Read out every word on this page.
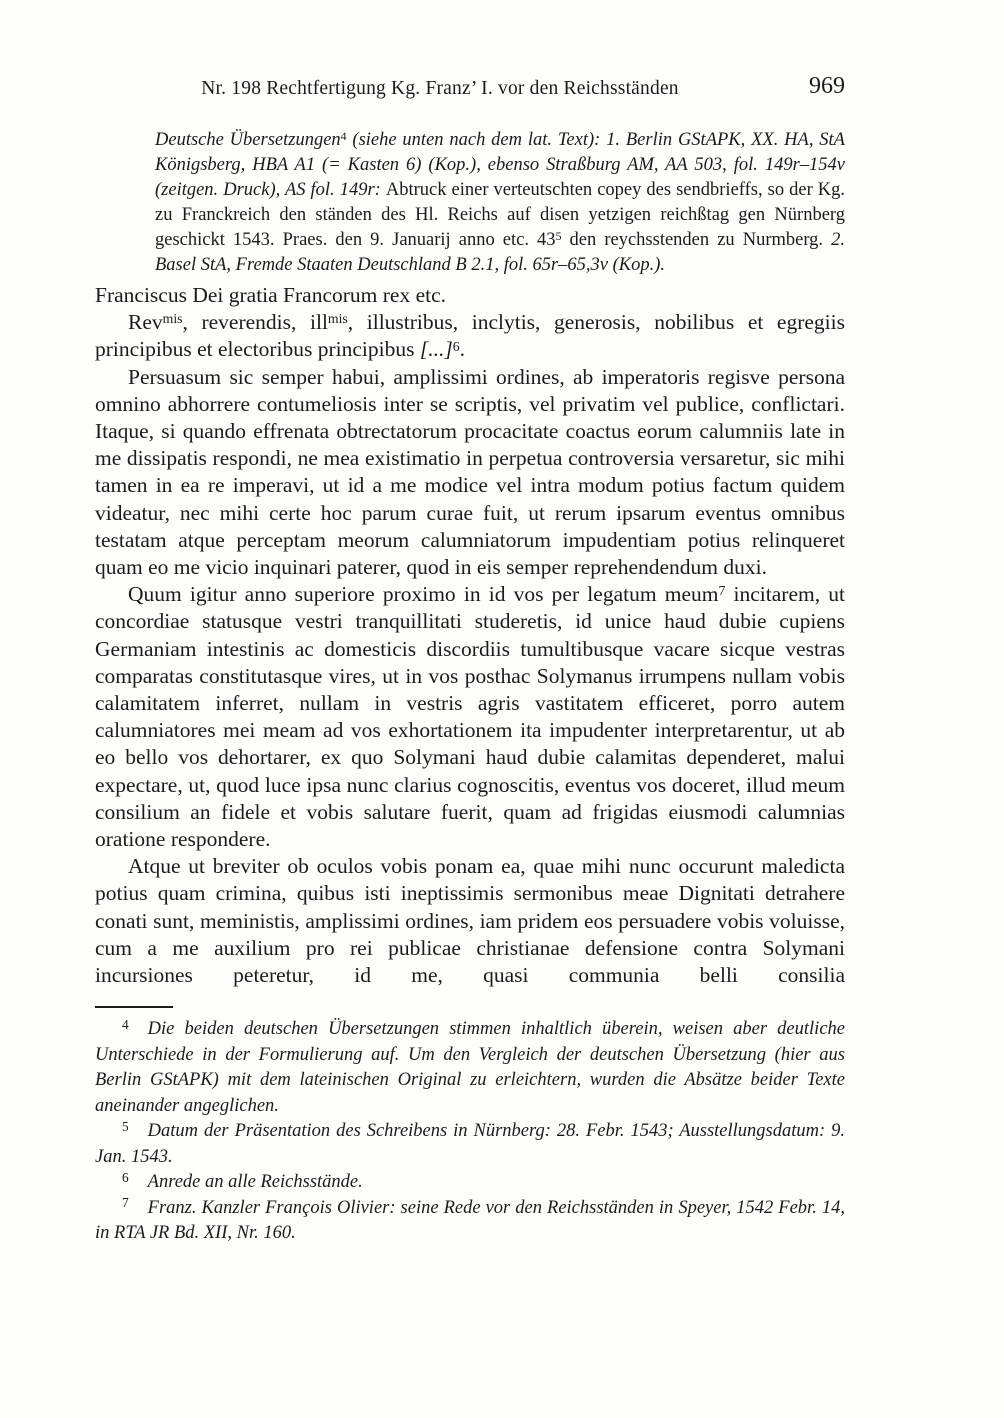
Nr. 198 Rechtfertigung Kg. Franz’ I. vor den Reichsständen	969
Deutsche Übersetzungen$^4$ (siehe unten nach dem lat. Text): 1. Berlin GStAPK, XX. HA, StA Königsberg, HBA A1 (= Kasten 6) (Kop.), ebenso Straßburg AM, AA 503, fol. 149r–154v (zeitgen. Druck), AS fol. 149r: Abtruck einer verteutschten copey des sendbrieffs, so der Kg. zu Franckreich den ständen des Hl. Reichs auf disen yetzigen reichßtag gen Nürnberg geschickt 1543. Praes. den 9. Januarij anno etc. 43$^5$ den reychsstenden zu Nurmberg. 2. Basel StA, Fremde Staaten Deutschland B 2.1, fol. 65r–65,3v (Kop.).

Franciscus Dei gratia Francorum rex etc.

Rev$^{mis}$, reverendis, ill$^{mis}$, illustribus, inclytis, generosis, nobilibus et egregiis principibus et electoribus principibus [...]$^6$.

Persuasum sic semper habui, amplissimi ordines, ab imperatoris regisve persona omnino abhorrere contumeliosis inter se scriptis, vel privatim vel publice, conflictari. Itaque, si quando effrenata obtrectatorum procacitate coactus eorum calumniis late in me dissipatis respondi, ne mea existimatio in perpetua controversia versaretur, sic mihi tamen in ea re imperavi, ut id a me modice vel intra modum potius factum quidem videatur, nec mihi certe hoc parum curae fuit, ut rerum ipsarum eventus omnibus testatam atque perceptam meorum calumniatorum impudentiam potius relinqueret quam eo me vicio inquinari paterer, quod in eis semper reprehendendum duxi.

Quum igitur anno superiore proximo in id vos per legatum meum$^7$ incitarem, ut concordiae statusque vestri tranquillitati studeretis, id unice haud dubie cupiens Germaniam intestinis ac domesticis discordiis tumultibusque vacare sicque vestras comparatas constitutasque vires, ut in vos posthac Solymanus irrumpens nullam vobis calamitatem inferret, nullam in vestris agris vastitatem efficeret, porro autem calumniatores mei meam ad vos exhortationem ita impudenter interpretarentur, ut ab eo bello vos dehortarer, ex quo Solymani haud dubie calamitas dependeret, malui expectare, ut, quod luce ipsa nunc clarius cognoscitis, eventus vos doceret, illud meum consilium an fidele et vobis salutare fuerit, quam ad frigidas eiusmodi calumnias oratione respondere.

Atque ut breviter ob oculos vobis ponam ea, quae mihi nunc occurunt maledicta potius quam crimina, quibus isti ineptissimis sermonibus meae Dignitati detrahere conati sunt, meministis, amplissimi ordines, iam pridem eos persuadere vobis voluisse, cum a me auxilium pro rei publicae christianae defensione contra Solymani incursiones peteretur, id me, quasi communia belli consilia

$^4$ Die beiden deutschen Übersetzungen stimmen inhaltlich überein, weisen aber deutliche Unterschiede in der Formulierung auf. Um den Vergleich der deutschen Übersetzung (hier aus Berlin GStAPK) mit dem lateinischen Original zu erleichtern, wurden die Absätze beider Texte aneinander angeglichen.

$^5$ Datum der Präsentation des Schreibens in Nürnberg: 28. Febr. 1543; Ausstellungsdatum: 9. Jan. 1543.

$^6$ Anrede an alle Reichsstände.

$^7$ Franz. Kanzler François Olivier: seine Rede vor den Reichsständen in Speyer, 1542 Febr. 14, in RTA JR Bd. XII, Nr. 160.
